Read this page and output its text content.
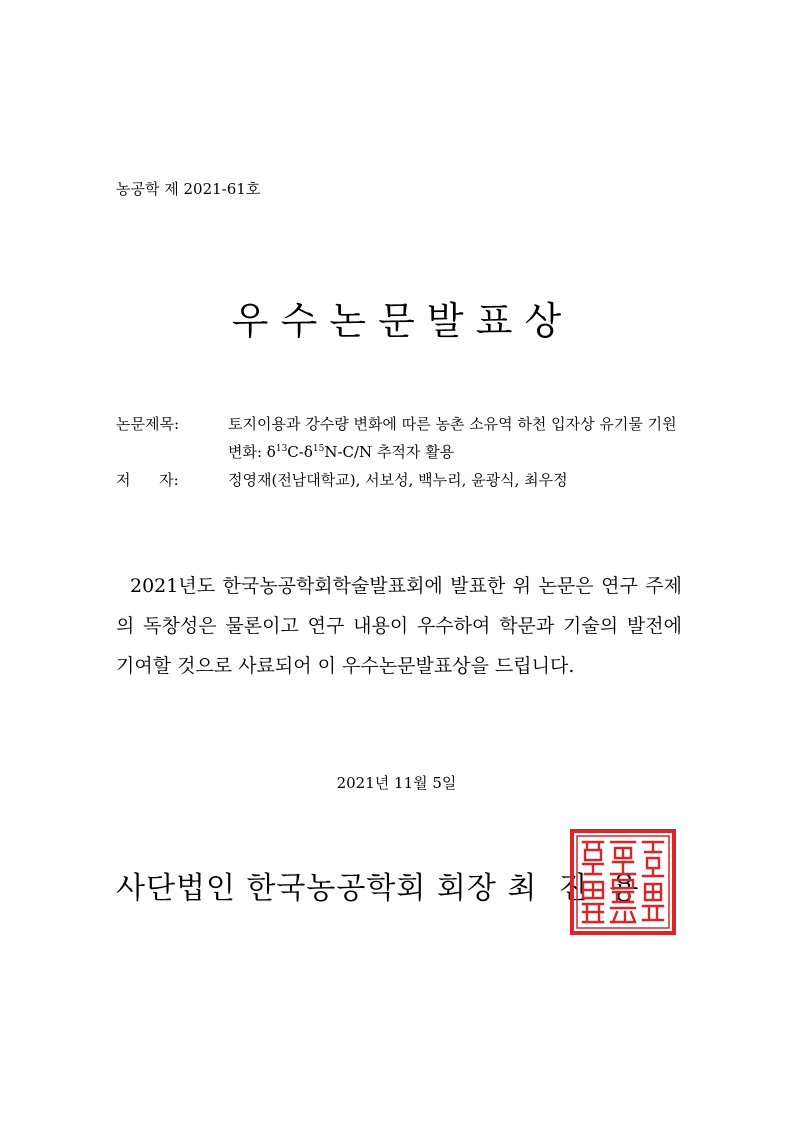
농공학 제 2021-61호
우 수 논 문 발 표 상
논문제목:	토지이용과 강수량 변화에 따른 농촌 소유역 하천 입자상 유기물 기원
변화: $\delta^{13}C-\delta^{15}N-C/N$ 추적자 활용
저      자:	정영재(전남대학교), 서보성, 백누리, 윤광식, 최우정
2021년도 한국농공학회학술발표회에 발표한 위 논문은 연구 주제의 독창성은 물론이고 연구 내용이 우수하여 학문과 기술의 발전에 기여할 것으로 사료되어 이 우수논문발표상을 드립니다.
2021년 11월 5일
사단법인 한국농공학회 회장 최  진  용
